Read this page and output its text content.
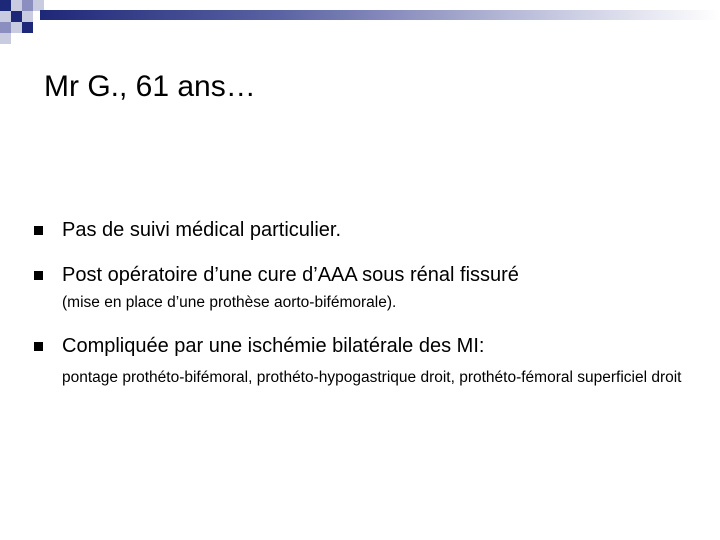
Mr G., 61 ans…
Pas de suivi médical particulier.
Post opératoire d’une cure d’AAA sous rénal fissuré
(mise en place d’une prothèse aorto-bifémorale).
Compliquée par une ischémie bilatérale des MI:
pontage prothéto-bifémoral, prothéto-hypogastrique droit, prothéto-fémoral superficiel droit
